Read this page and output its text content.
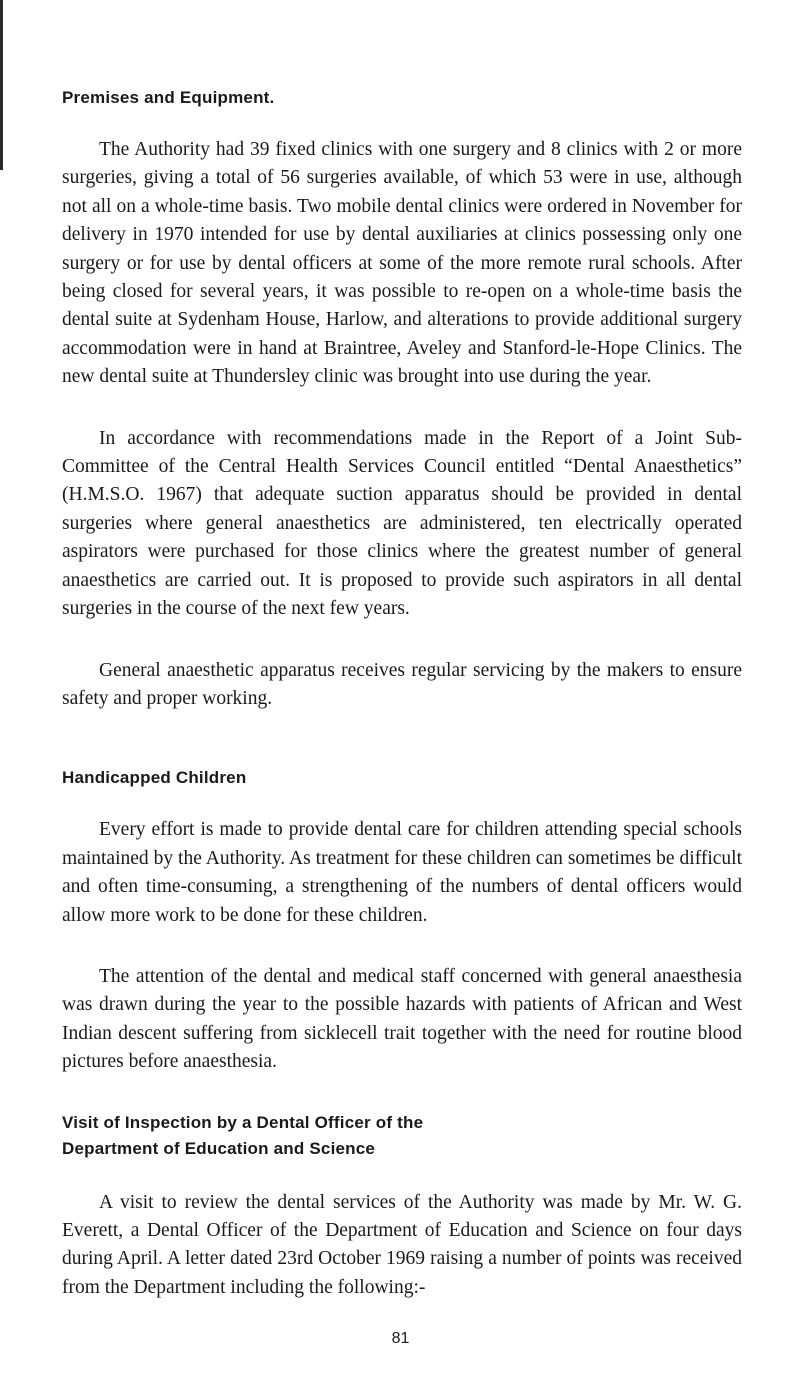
Premises and Equipment.

The Authority had 39 fixed clinics with one surgery and 8 clinics with 2 or more surgeries, giving a total of 56 surgeries available, of which 53 were in use, although not all on a whole-time basis. Two mobile dental clinics were ordered in November for delivery in 1970 intended for use by dental auxiliaries at clinics possessing only one surgery or for use by dental officers at some of the more remote rural schools. After being closed for several years, it was possible to re-open on a whole-time basis the dental suite at Sydenham House, Harlow, and alterations to provide additional surgery accommodation were in hand at Braintree, Aveley and Stanford-le-Hope Clinics. The new dental suite at Thundersley clinic was brought into use during the year.

In accordance with recommendations made in the Report of a Joint Sub-Committee of the Central Health Services Council entitled “Dental Anaesthetics” (H.M.S.O. 1967) that adequate suction apparatus should be provided in dental surgeries where general anaesthetics are administered, ten electrically operated aspirators were purchased for those clinics where the greatest number of general anaesthetics are carried out. It is proposed to provide such aspirators in all dental surgeries in the course of the next few years.

General anaesthetic apparatus receives regular servicing by the makers to ensure safety and proper working.

Handicapped Children

Every effort is made to provide dental care for children attending special schools maintained by the Authority. As treatment for these children can sometimes be difficult and often time-consuming, a strengthening of the numbers of dental officers would allow more work to be done for these children.

The attention of the dental and medical staff concerned with general anaesthesia was drawn during the year to the possible hazards with patients of African and West Indian descent suffering from sicklecell trait together with the need for routine blood pictures before anaesthesia.

Visit of Inspection by a Dental Officer of the
Department of Education and Science

A visit to review the dental services of the Authority was made by Mr. W. G. Everett, a Dental Officer of the Department of Education and Science on four days during April. A letter dated 23rd October 1969 raising a number of points was received from the Department including the following:-

81
